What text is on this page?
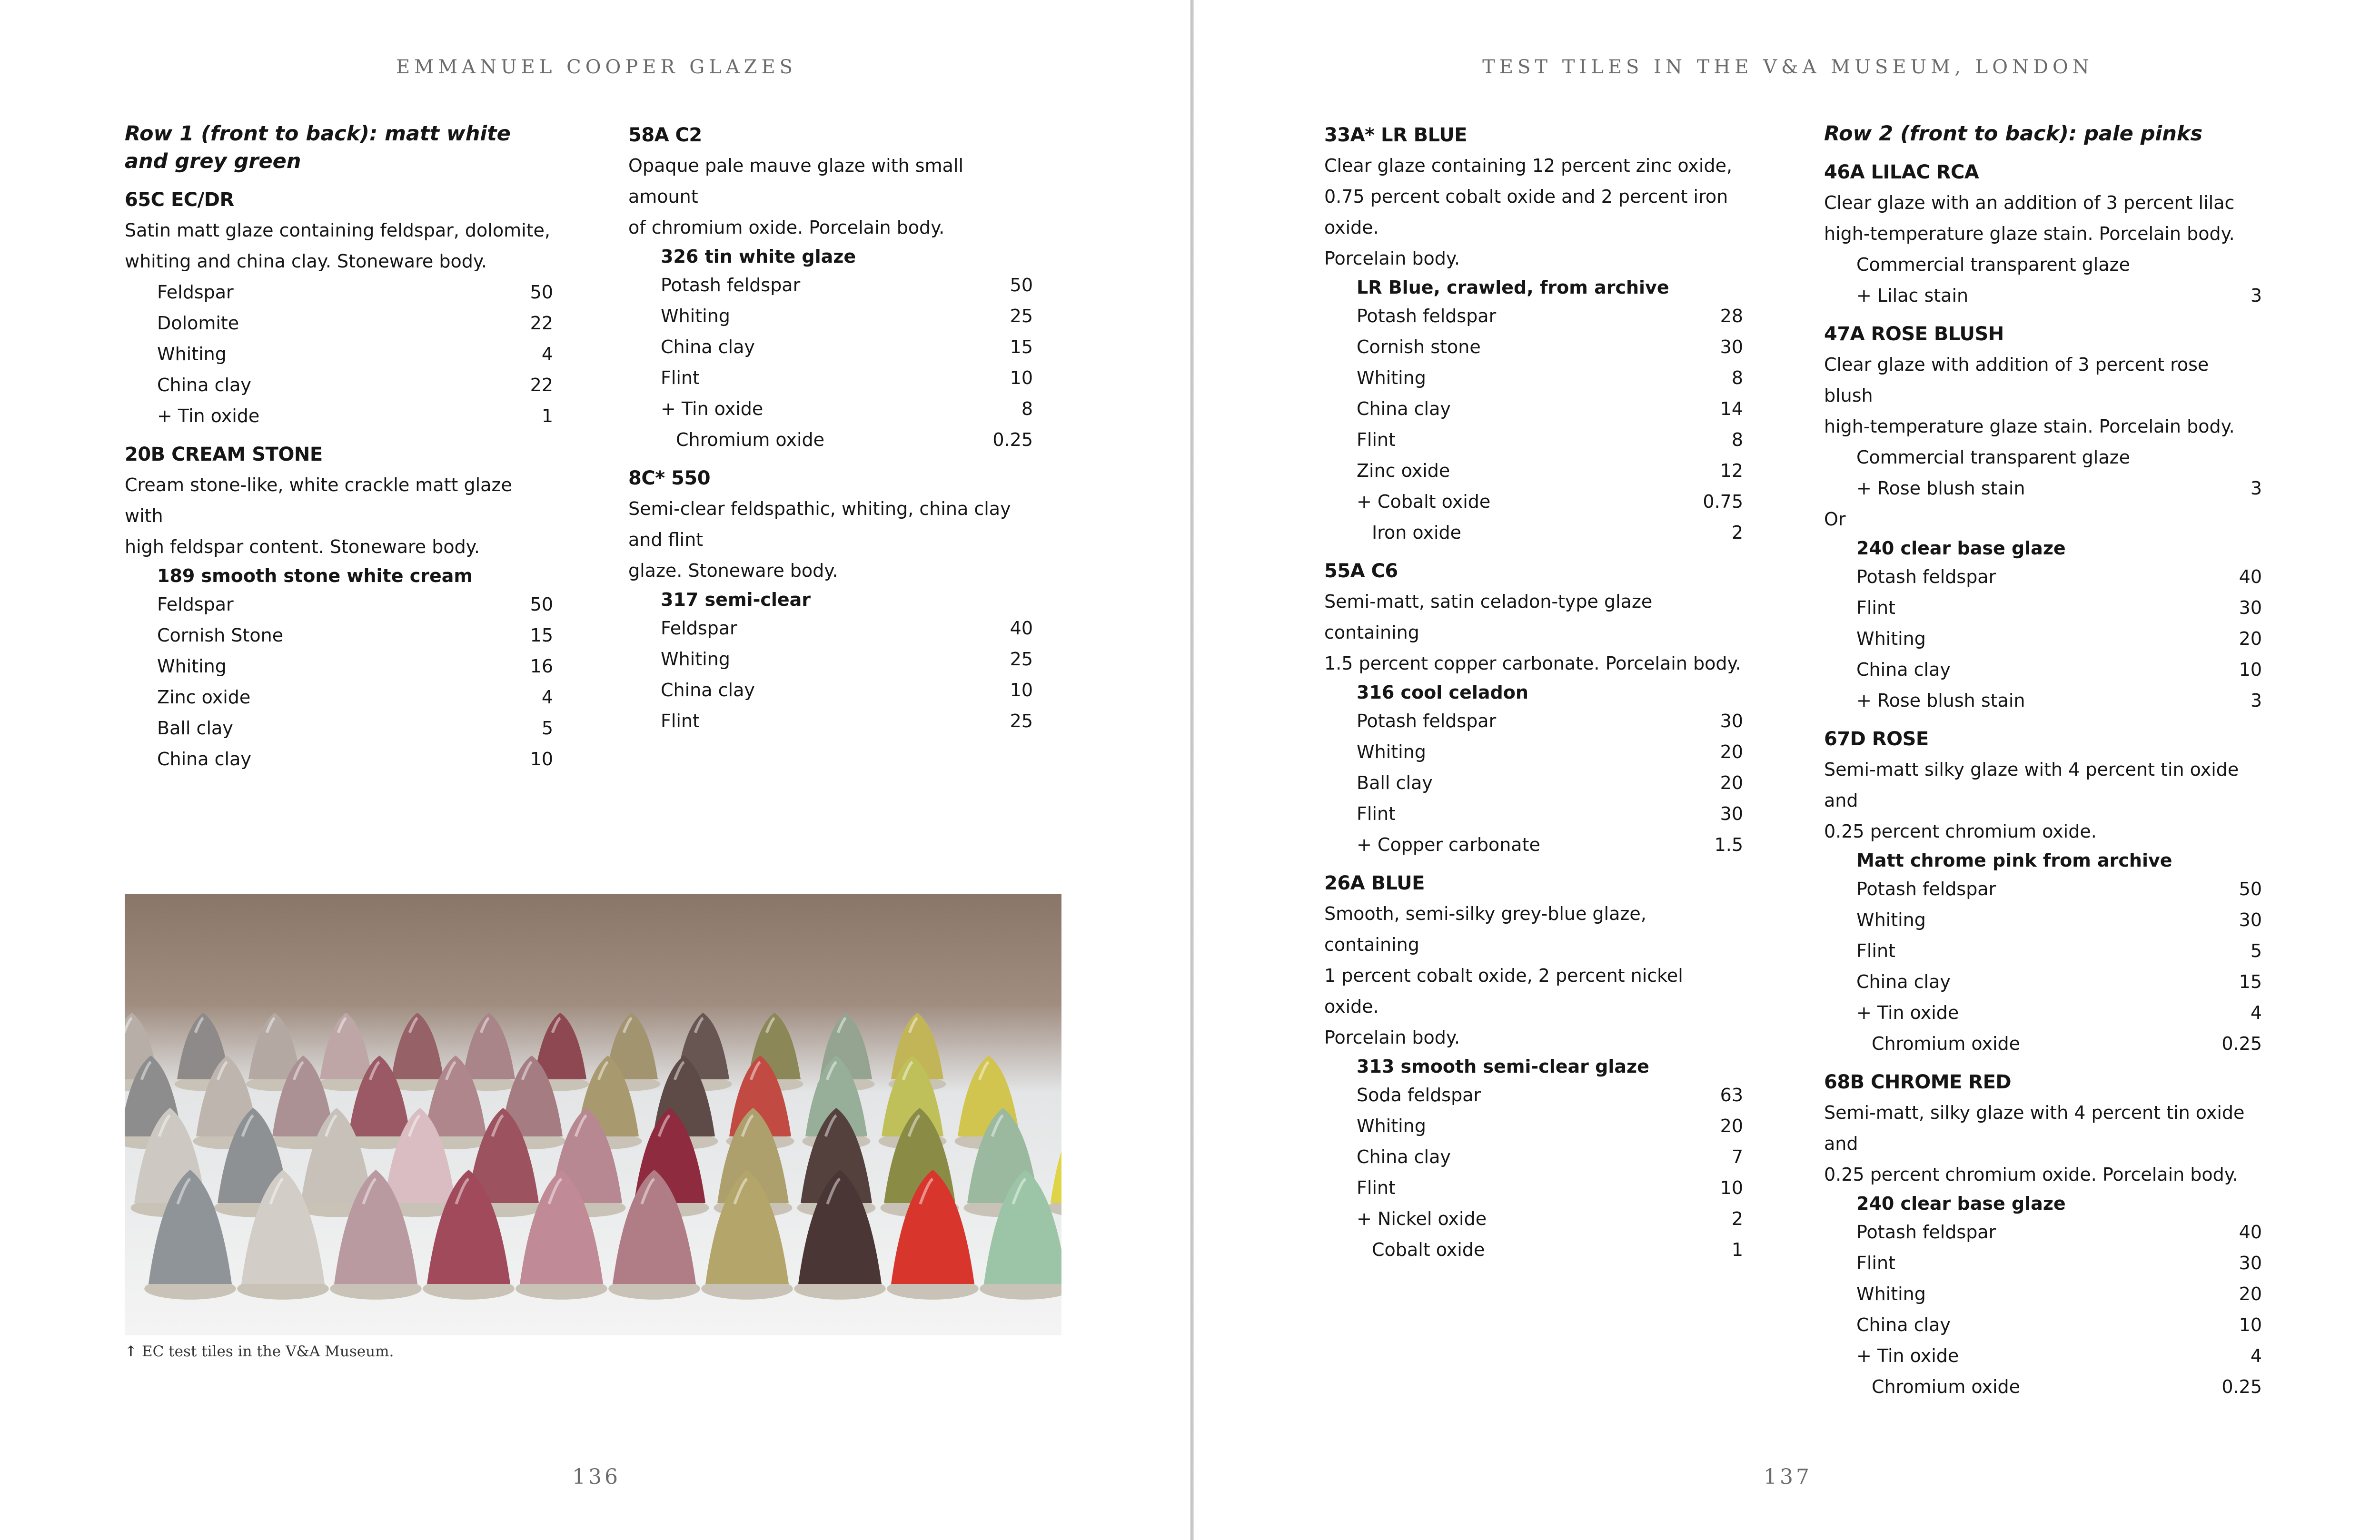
EMMANUEL COOPER GLAZES
Row 1 (front to back): matt white and grey green
65C EC/DR
Satin matt glaze containing feldspar, dolomite,
whiting and china clay. Stoneware body.
Feldspar	50
Dolomite	22
Whiting	4
China clay	22
+ Tin oxide	1
20B CREAM STONE
Cream stone-like, white crackle matt glaze with
high feldspar content. Stoneware body.
189 smooth stone white cream
Feldspar	50
Cornish Stone	15
Whiting	16
Zinc oxide	4
Ball clay	5
China clay	10
58A C2
Opaque pale mauve glaze with small amount
of chromium oxide. Porcelain body.
326 tin white glaze
Potash feldspar	50
Whiting	25
China clay	15
Flint	10
+ Tin oxide	8
Chromium oxide	0.25
8C* 550
Semi-clear feldspathic, whiting, china clay and flint
glaze. Stoneware body.
317 semi-clear
Feldspar	40
Whiting	25
China clay	10
Flint	25
↑ EC test tiles in the V&A Museum.
136
TEST TILES IN THE V&A MUSEUM, LONDON
33A* LR BLUE
Clear glaze containing 12 percent zinc oxide,
0.75 percent cobalt oxide and 2 percent iron oxide.
Porcelain body.
LR Blue, crawled, from archive
Potash feldspar	28
Cornish stone	30
Whiting	8
China clay	14
Flint	8
Zinc oxide	12
+ Cobalt oxide	0.75
Iron oxide	2
55A C6
Semi-matt, satin celadon-type glaze containing
1.5 percent copper carbonate. Porcelain body.
316 cool celadon
Potash feldspar	30
Whiting	20
Ball clay	20
Flint	30
+ Copper carbonate	1.5
26A BLUE
Smooth, semi-silky grey-blue glaze, containing
1 percent cobalt oxide, 2 percent nickel oxide.
Porcelain body.
313 smooth semi-clear glaze
Soda feldspar	63
Whiting	20
China clay	7
Flint	10
+ Nickel oxide	2
Cobalt oxide	1
Row 2 (front to back): pale pinks
46A LILAC RCA
Clear glaze with an addition of 3 percent lilac
high-temperature glaze stain. Porcelain body.
Commercial transparent glaze
+ Lilac stain	3
47A ROSE BLUSH
Clear glaze with addition of 3 percent rose blush
high-temperature glaze stain. Porcelain body.
Commercial transparent glaze
+ Rose blush stain	3
Or
240 clear base glaze
Potash feldspar	40
Flint	30
Whiting	20
China clay	10
+ Rose blush stain	3
67D ROSE
Semi-matt silky glaze with 4 percent tin oxide and
0.25 percent chromium oxide.
Matt chrome pink from archive
Potash feldspar	50
Whiting	30
Flint	5
China clay	15
+ Tin oxide	4
Chromium oxide	0.25
68B CHROME RED
Semi-matt, silky glaze with 4 percent tin oxide and
0.25 percent chromium oxide. Porcelain body.
240 clear base glaze
Potash feldspar	40
Flint	30
Whiting	20
China clay	10
+ Tin oxide	4
Chromium oxide	0.25
137
